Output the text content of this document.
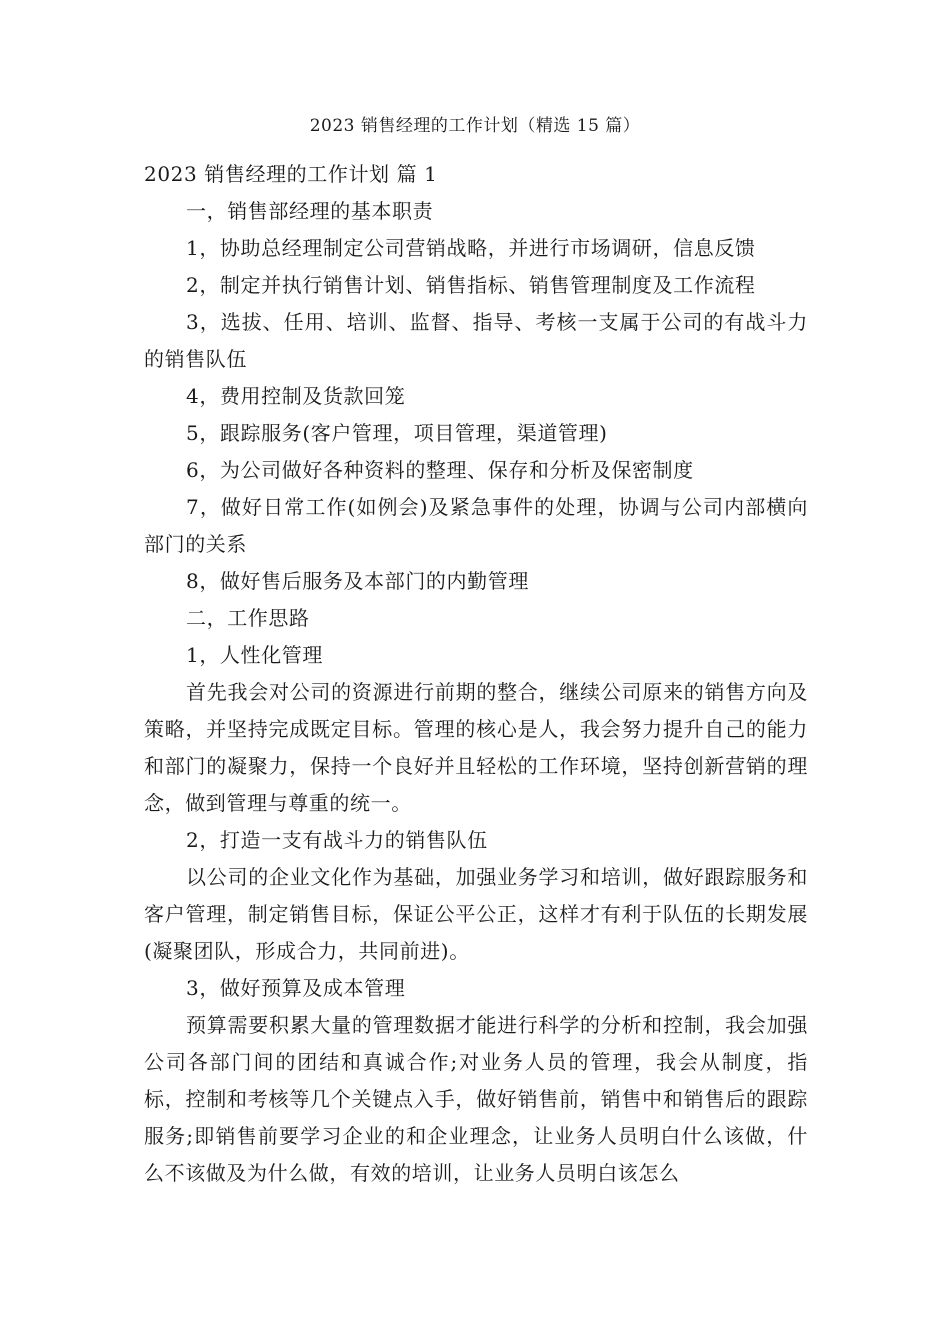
2023 销售经理的工作计划（精选 15 篇）

2023 销售经理的工作计划 篇 1

一，销售部经理的基本职责

1，协助总经理制定公司营销战略，并进行市场调研，信息反馈

2，制定并执行销售计划、销售指标、销售管理制度及工作流程

3，选拔、任用、培训、监督、指导、考核一支属于公司的有战斗力的销售队伍

4，费用控制及货款回笼

5，跟踪服务(客户管理，项目管理，渠道管理)

6，为公司做好各种资料的整理、保存和分析及保密制度

7，做好日常工作(如例会)及紧急事件的处理，协调与公司内部横向部门的关系

8，做好售后服务及本部门的内勤管理

二，工作思路

1，人性化管理

首先我会对公司的资源进行前期的整合，继续公司原来的销售方向及策略，并坚持完成既定目标。管理的核心是人，我会努力提升自己的能力和部门的凝聚力，保持一个良好并且轻松的工作环境，坚持创新营销的理念，做到管理与尊重的统一。

2，打造一支有战斗力的销售队伍

以公司的企业文化作为基础，加强业务学习和培训，做好跟踪服务和客户管理，制定销售目标，保证公平公正，这样才有利于队伍的长期发展(凝聚团队，形成合力，共同前进)。

3，做好预算及成本管理

预算需要积累大量的管理数据才能进行科学的分析和控制，我会加强公司各部门间的团结和真诚合作;对业务人员的管理，我会从制度，指标，控制和考核等几个关键点入手，做好销售前，销售中和销售后的跟踪服务;即销售前要学习企业的和企业理念，让业务人员明白什么该做，什么不该做及为什么做，有效的培训，让业务人员明白该怎么
